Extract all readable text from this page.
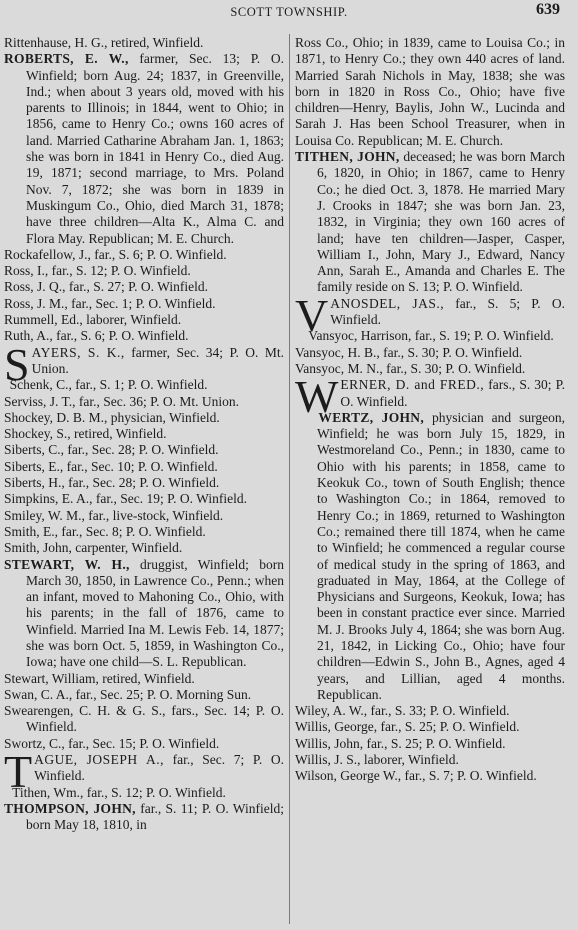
SCOTT TOWNSHIP.	639

Rittenhause, H. G., retired, Winfield.

ROBERTS, E. W., farmer, Sec. 13; P. O. Winfield; born Aug. 24; 1837, in Greenville, Ind.; when about 3 years old, moved with his parents to Illinois; in 1844, went to Ohio; in 1856, came to Henry Co.; owns 160 acres of land. Married Catharine Abraham Jan. 1, 1863; she was born in 1841 in Henry Co., died Aug. 19, 1871; second marriage, to Mrs. Poland Nov. 7, 1872; she was born in 1839 in Muskingum Co., Ohio, died March 31, 1878; have three children—Alta K., Alma C. and Flora May. Republican; M. E. Church.

Rockafellow, J., far., S. 6; P. O. Winfield.

Ross, I., far., S. 12; P. O. Winfield.

Ross, J. Q., far., S. 27; P. O. Winfield.

Ross, J. M., far., Sec. 1; P. O. Winfield.

Rummell, Ed., laborer, Winfield.

Ruth, A., far., S. 6; P. O. Winfield.

SAYERS, S. K., farmer, Sec. 34; P. O. Mt. Union.

Schenk, C., far., S. 1; P. O. Winfield.

Serviss, J. T., far., Sec. 36; P. O. Mt. Union.

Shockey, D. B. M., physician, Winfield.

Shockey, S., retired, Winfield.

Siberts, C., far., Sec. 28; P. O. Winfield.

Siberts, E., far., Sec. 10; P. O. Winfield.

Siberts, H., far., Sec. 28; P. O. Winfield.

Simpkins, E. A., far., Sec. 19; P. O. Winfield.

Smiley, W. M., far., live-stock, Winfield.

Smith, E., far., Sec. 8; P. O. Winfield.

Smith, John, carpenter, Winfield.

STEWART, W. H., druggist, Winfield; born March 30, 1850, in Lawrence Co., Penn.; when an infant, moved to Mahoning Co., Ohio, with his parents; in the fall of 1876, came to Winfield. Married Ina M. Lewis Feb. 14, 1877; she was born Oct. 5, 1859, in Washington Co., Iowa; have one child—S. L. Republican.

Stewart, William, retired, Winfield.

Swan, C. A., far., Sec. 25; P. O. Morning Sun.

Swearengen, C. H. & G. S., fars., Sec. 14; P. O. Winfield.

Swortz, C., far., Sec. 15; P. O. Winfield.

TAGUE, JOSEPH A., far., Sec. 7; P. O. Winfield.

Tithen, Wm., far., S. 12; P. O. Winfield.

THOMPSON, JOHN, far., S. 11; P. O. Winfield; born May 18, 1810, in

Ross Co., Ohio; in 1839, came to Louisa Co.; in 1871, to Henry Co.; they own 440 acres of land. Married Sarah Nichols in May, 1838; she was born in 1820 in Ross Co., Ohio; have five children—Henry, Baylis, John W., Lucinda and Sarah J. Has been School Treasurer, when in Louisa Co. Republican; M. E. Church.

TITHEN, JOHN, deceased; he was born March 6, 1820, in Ohio; in 1867, came to Henry Co.; he died Oct. 3, 1878. He married Mary J. Crooks in 1847; she was born Jan. 23, 1832, in Virginia; they own 160 acres of land; have ten children—Jasper, Casper, William I., John, Mary J., Edward, Nancy Ann, Sarah E., Amanda and Charles E. The family reside on S. 13; P. O. Winfield.

VANOSDEL, JAS., far., S. 5; P. O. Winfield.

Vansyoc, Harrison, far., S. 19; P. O. Winfield.

Vansyoc, H. B., far., S. 30; P. O. Winfield.

Vansyoc, M. N., far., S. 30; P. O. Winfield.

WERNER, D. and FRED., fars., S. 30; P. O. Winfield.

WERTZ, JOHN, physician and surgeon, Winfield; he was born July 15, 1829, in Westmoreland Co., Penn.; in 1830, came to Ohio with his parents; in 1858, came to Keokuk Co., town of South English; thence to Washington Co.; in 1864, removed to Henry Co.; in 1869, returned to Washington Co.; remained there till 1874, when he came to Winfield; he commenced a regular course of medical study in the spring of 1863, and graduated in May, 1864, at the College of Physicians and Surgeons, Keokuk, Iowa; has been in constant practice ever since. Married M. J. Brooks July 4, 1864; she was born Aug. 21, 1842, in Licking Co., Ohio; have four children—Edwin S., John B., Agnes, aged 4 years, and Lillian, aged 4 months. Republican.

Wiley, A. W., far., S. 33; P. O. Winfield.

Willis, George, far., S. 25; P. O. Winfield.

Willis, John, far., S. 25; P. O. Winfield.

Willis, J. S., laborer, Winfield.

Wilson, George W., far., S. 7; P. O. Winfield.
